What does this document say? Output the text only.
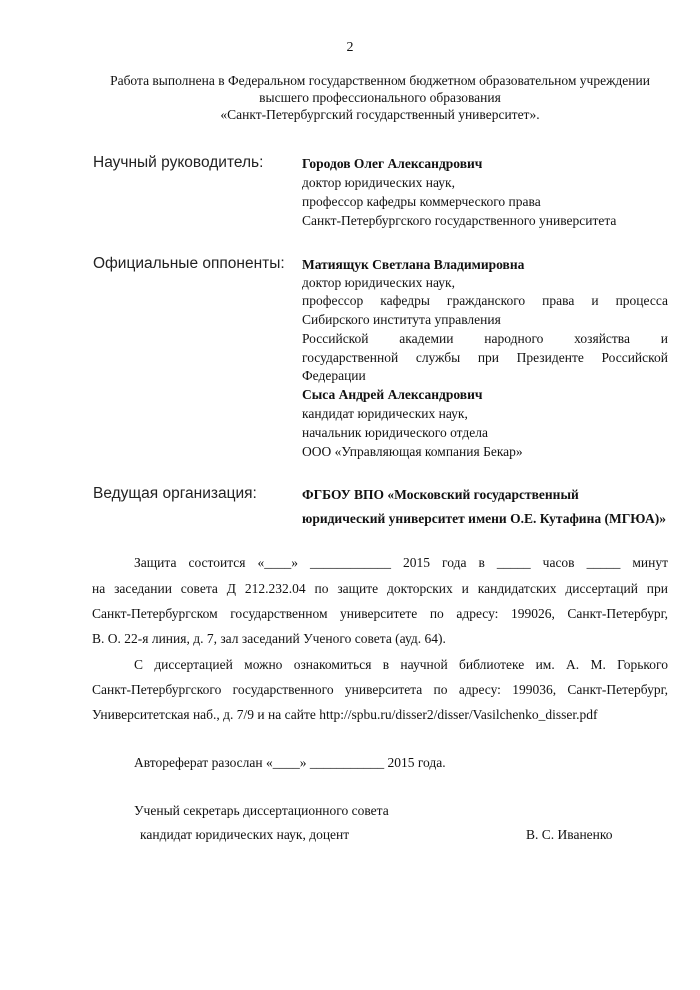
2
Работа выполнена в Федеральном государственном бюджетном образовательном учреждении
высшего профессионального образования
«Санкт-Петербургский государственный университет».
Научный руководитель:	Городов Олег Александрович
доктор юридических наук,
профессор кафедры коммерческого права
Санкт-Петербургского государственного университета
Официальные оппоненты: Матиящук Светлана Владимировна
доктор юридических наук,
профессор кафедры гражданского права и процесса
Сибирского института управления
Российской академии народного хозяйства и
государственной службы при Президенте Российской
Федерации
Сыса Андрей Александрович
кандидат юридических наук,
начальник юридического отдела
ООО «Управляющая компания Бекар»
Ведущая организация:	ФГБОУ ВПО «Московский государственный
юридический университет имени О.Е. Кутафина (МГЮА)»
Защита состоится «____» ____________ 2015 года в _____ часов _____ минут
на заседании совета Д 212.232.04 по защите докторских и кандидатских диссертаций при
Санкт-Петербургском государственном университете по адресу: 199026, Санкт-Петербург,
В. О. 22-я линия, д. 7, зал заседаний Ученого совета (ауд. 64).
С диссертацией можно ознакомиться в научной библиотеке им. А. М. Горького
Санкт-Петербургского государственного университета по адресу: 199036, Санкт-Петербург,
Университетская наб., д. 7/9 и на сайте http://spbu.ru/disser2/disser/Vasilchenko_disser.pdf
Автореферат разослан «____» ___________ 2015 года.
Ученый секретарь диссертационного совета
кандидат юридических наук, доцент	В. С. Иваненко
